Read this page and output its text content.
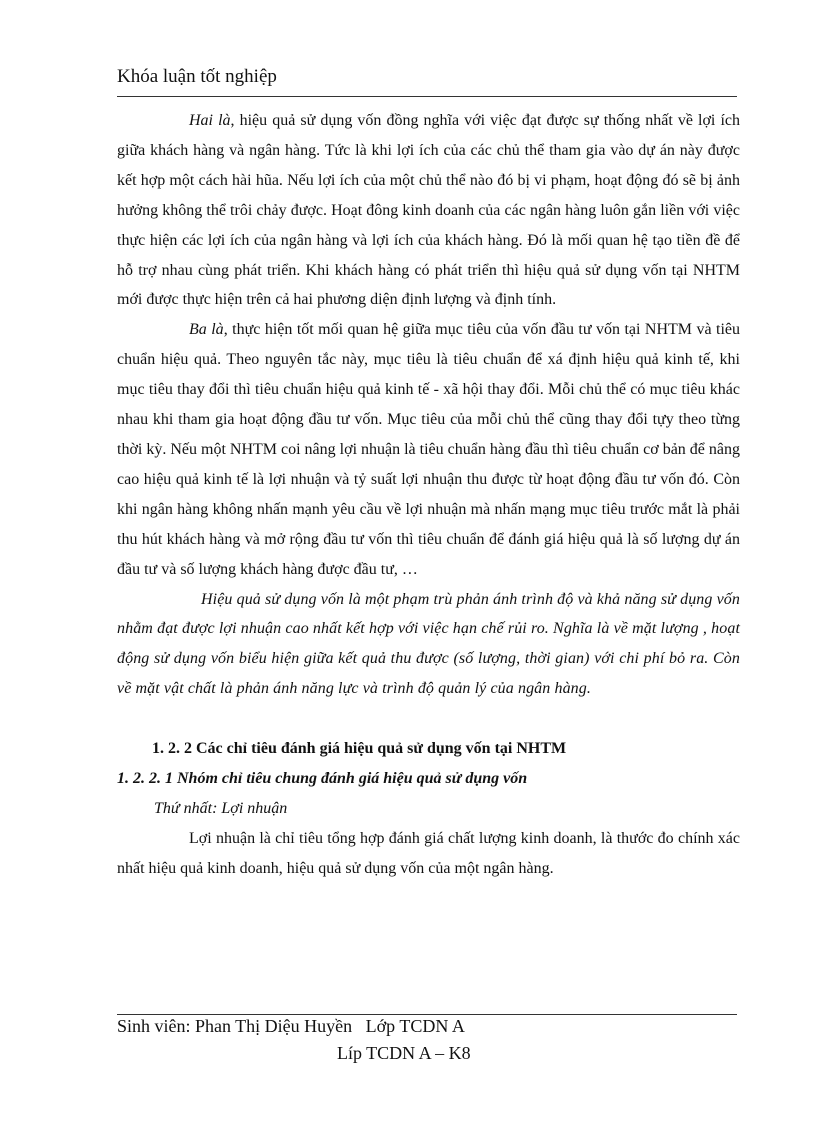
Khóa luận tốt nghiệp

Hai là, hiệu quả sử dụng vốn đồng nghĩa với việc đạt được sự thống nhất về lợi ích giữa khách hàng và ngân hàng. Tức là khi lợi ích của các chủ thể tham gia vào dự án này được kết hợp một cách hài hũa. Nếu lợi ích của một chủ thể nào đó bị vi phạm, hoạt động đó sẽ bị ảnh hưởng không thể trôi chảy được. Hoạt đông kinh doanh của các ngân hàng luôn gắn liền với việc thực hiện các lợi ích của ngân hàng và lợi ích của khách hàng. Đó là mối quan hệ tạo tiền đề để hỗ trợ nhau cùng phát triển. Khi khách hàng có phát triển thì hiệu quả sử dụng vốn tại NHTM mới được thực hiện trên cả hai phương diện định lượng và định tính.

Ba là, thực hiện tốt mối quan hệ giữa mục tiêu của vốn đầu tư vốn tại NHTM và tiêu chuẩn hiệu quả. Theo nguyên tắc này, mục tiêu là tiêu chuẩn để xá định hiệu quả kinh tế, khi mục tiêu thay đổi thì tiêu chuẩn hiệu quả kinh tế - xã hội thay đổi. Mỗi chủ thể có mục tiêu khác nhau khi tham gia hoạt động đầu tư vốn. Mục tiêu của mỗi chủ thể cũng thay đổi tựy theo từng thời kỳ. Nếu một NHTM coi nâng lợi nhuận là tiêu chuẩn hàng đầu thì tiêu chuẩn cơ bản để nâng cao hiệu quả kinh tế là lợi nhuận và tỷ suất lợi nhuận thu được từ hoạt động đầu tư vốn đó. Còn khi ngân hàng không nhấn mạnh yêu cầu về lợi nhuận mà nhấn mạng mục tiêu trước mắt là phải thu hút khách hàng và mở rộng đầu tư vốn thì tiêu chuẩn để đánh giá hiệu quả là số lượng dự án đầu tư và số lượng khách hàng được đầu tư, …

Hiệu quả sử dụng vốn là một phạm trù phản ánh trình độ và khả năng sử dụng vốn nhằm đạt được lợi nhuận cao nhất kết hợp với việc hạn chế rủi ro. Nghĩa là về mặt lượng , hoạt động sử dụng vốn biểu hiện giữa kết quả thu được (số lượng, thời gian) với chi phí bỏ ra. Còn về mặt vật chất là phản ánh năng lực và trình độ quản lý của ngân hàng.

1. 2. 2 Các chỉ tiêu đánh giá hiệu quả sử dụng vốn tại NHTM

1. 2. 2. 1 Nhóm chỉ tiêu chung đánh giá hiệu quả sử dụng vốn

Thứ nhất: Lợi nhuận

Lợi nhuận là chỉ tiêu tổng hợp đánh giá chất lượng kinh doanh, là thước đo chính xác nhất hiệu quả kinh doanh, hiệu quả sử dụng vốn của một ngân hàng.

Sinh viên: Phan Thị Diệu Huyền   Lớp TCDN A
Líp TCDN A – K8
